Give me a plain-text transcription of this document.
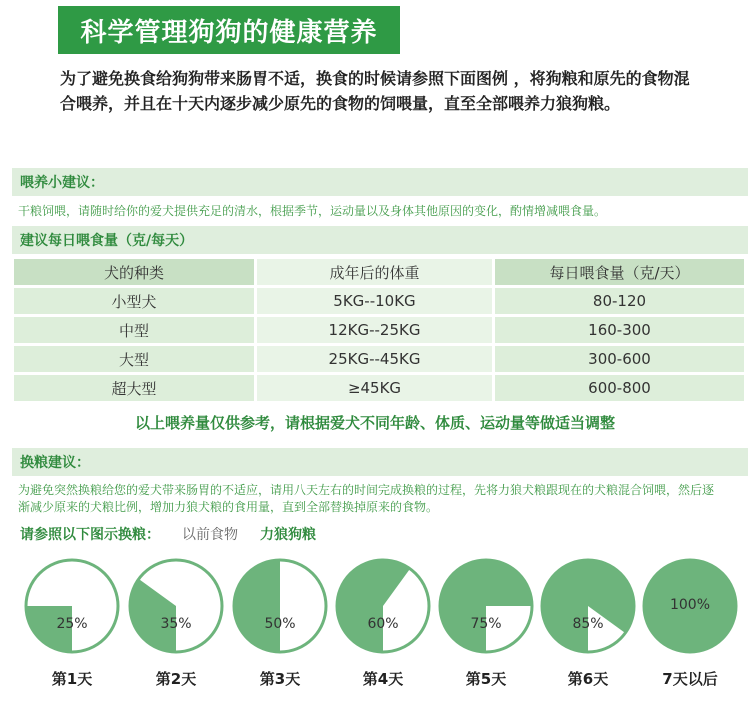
科学管理狗狗的健康营养
为了避免换食给狗狗带来肠胃不适，换食的时候请参照下面图例 ，将狗粮和原先的食物混合喂养，并且在十天内逐步减少原先的食物的饲喂量，直至全部喂养力狼狗粮。
喂养小建议：
干粮饲喂，请随时给你的爱犬提供充足的清水，根据季节，运动量以及身体其他原因的变化，酌情增减喂食量。
建议每日喂食量（克/每天）
犬的种类	成年后的体重	每日喂食量（克/天）
小型犬	5KG--10KG	80-120
中型	12KG--25KG	160-300
大型	25KG--45KG	300-600
超大型	≥45KG	600-800
以上喂养量仅供参考，请根据爱犬不同年龄、体质、运动量等做适当调整
换粮建议：
为避免突然换粮给您的爱犬带来肠胃的不适应，请用八天左右的时间完成换粮的过程，先将力狼犬粮跟现在的犬粮混合饲喂，然后逐渐减少原来的犬粮比例，增加力狼犬粮的食用量，直到全部替换掉原来的食物。
请参照以下图示换粮： 以前食物 力狼狗粮
25%
第1天
35%
第2天
50%
第3天
60%
第4天
75%
第5天
85%
第6天
100%
7天以后
